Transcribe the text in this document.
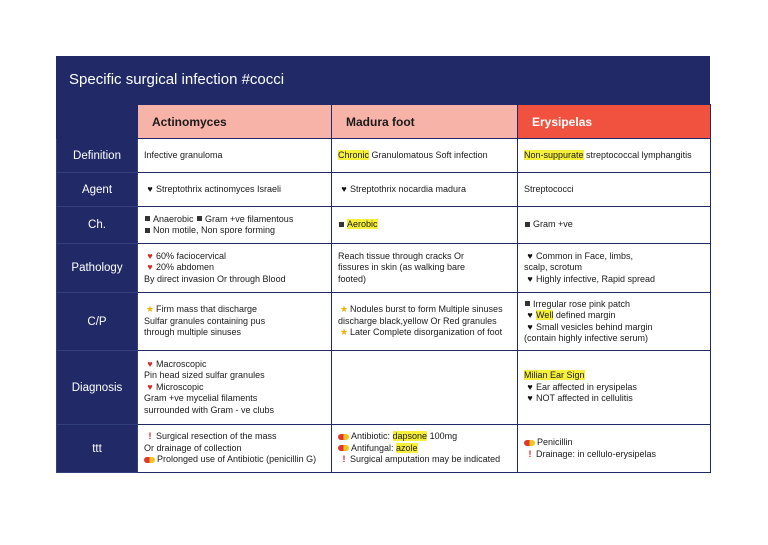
Specific surgical infection #cocci
	Actinomyces	Madura foot	Erysipelas
Definition	Infective granuloma	Chronic Granulomatous Soft infection	Non-suppurate streptococcal lymphangitis

Agent	♥ Streptothrix actinomyces Israeli	♥ Streptothrix nocardia madura	Streptococci

Ch.	Anaerobic Gram +ve filamentous
Non motile, Non spore forming	Aerobic	Gram +ve

Pathology	♥ 60% faciocervical
♥ 20% abdomen
By direct invasion Or through Blood	Reach tissue through cracks Or
fissures in skin (as walking bare
footed)	♥ Common in Face, limbs,
scalp, scrotum
♥ Highly infective, Rapid spread

C/P	★ Firm mass that discharge
Sulfar granules containing pus
through multiple sinuses	★ Nodules burst to form Multiple sinuses
discharge black,yellow Or Red granules
★ Later Complete disorganization of foot	Irregular rose pink patch
♥ Well defined margin
♥ Small vesicles behind margin
(contain highly infective serum)

Diagnosis	♥ Macroscopic
Pin head sized sulfar granules
♥ Microscopic
Gram +ve mycelial filaments
surrounded with Gram - ve clubs		Milian Ear Sign
♥ Ear affected in erysipelas
♥ NOT affected in cellulitis

ttt	! Surgical resection of the mass
Or drainage of collection
Prolonged use of Antibiotic (penicillin G)	Antibiotic: dapsone 100mg
Antifungal: azole
! Surgical amputation may be indicated	Penicillin
! Drainage: in cellulo-erysipelas
